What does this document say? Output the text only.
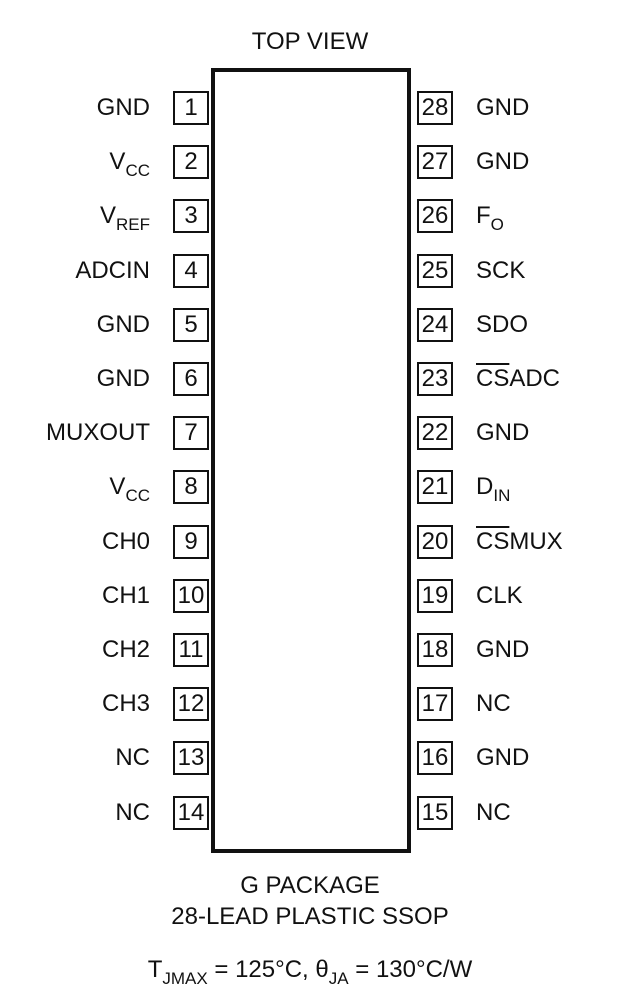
TOP VIEW
1
GND
2
$V_{CC}$
3
$V_{REF}$
4
ADCIN
5
GND
6
GND
7
MUXOUT
8
$V_{CC}$
9
CH0
10
CH1
11
CH2
12
CH3
13
NC
14
NC
28 GND
27 GND
26 $F_O$
25 SCK
24 SDO
23 $\overline{CS}ADC$
22 GND
21 $D_{IN}$
20 $\overline{CS}MUX$
19 CLK
18 GND
17 NC
16 GND
15 NC
G PACKAGE
28-LEAD PLASTIC SSOP
$T_{JMAX} = 125^\circ C$, $\theta_{JA} = 130^\circ C/W$
